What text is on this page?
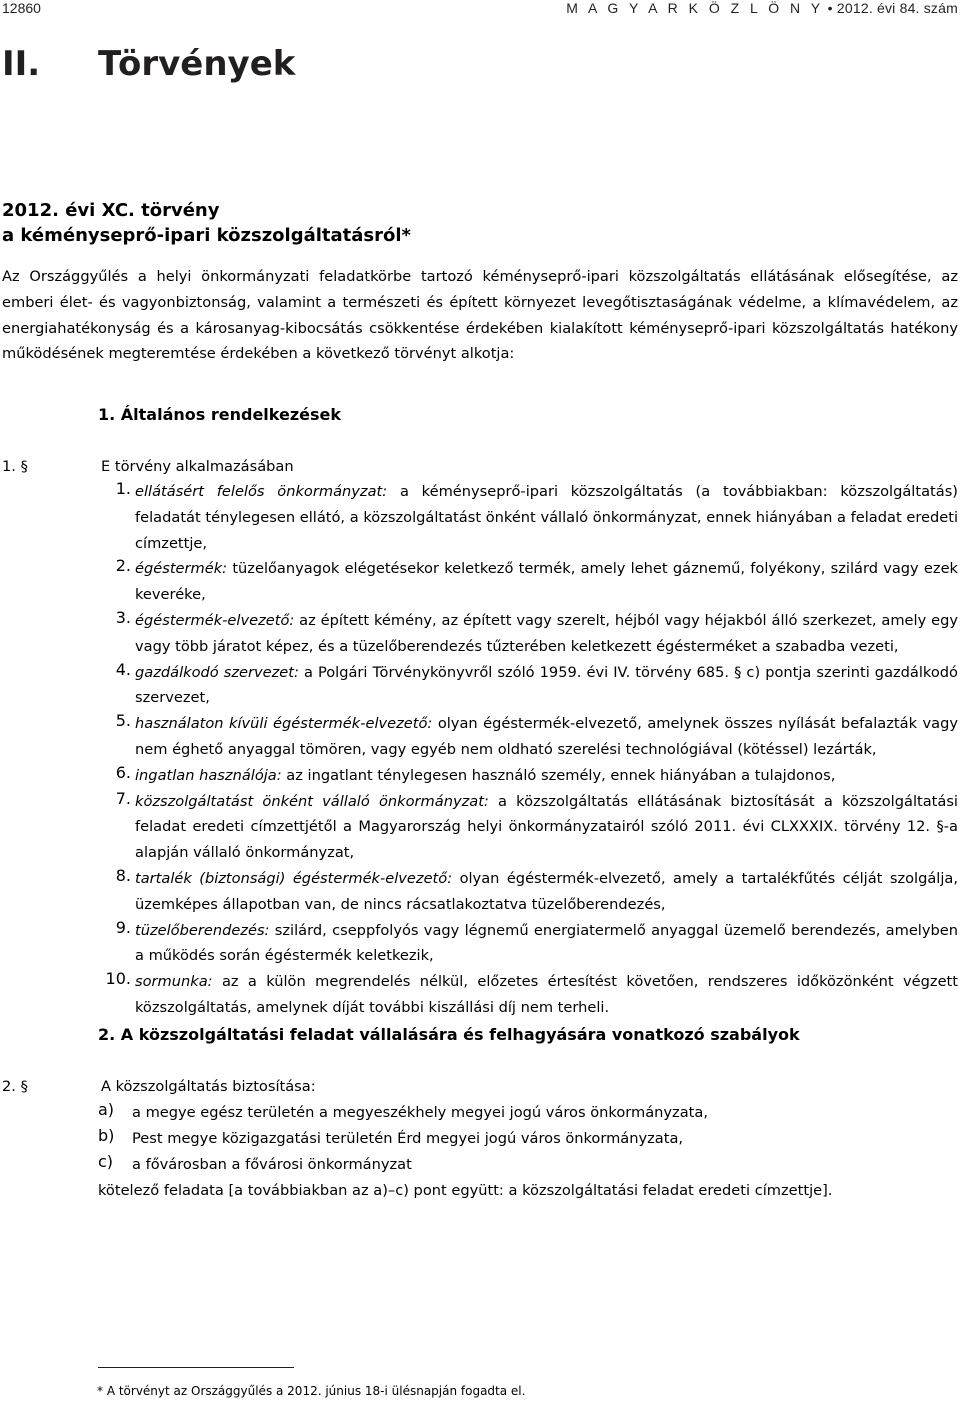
12860	M A G Y A R K Ö Z L Ö N Y • 2012. évi 84. szám
II. Törvények
2012. évi XC. törvény
a kéményseprő-ipari közszolgáltatásról*

Az Országgyűlés a helyi önkormányzati feladatkörbe tartozó kéményseprő-ipari közszolgáltatás ellátásának elősegítése, az emberi élet- és vagyonbiztonság, valamint a természeti és épített környezet levegőtisztaságának védelme, a klímavédelem, az energiahatékonyság és a károsanyag-kibocsátás csökkentése érdekében kialakított kéményseprő-ipari közszolgáltatás hatékony működésének megteremtése érdekében a következő törvényt alkotja:

1. Általános rendelkezések
1. §	E törvény alkalmazásában
1. ellátásért felelős önkormányzat: a kéményseprő-ipari közszolgáltatás (a továbbiakban: közszolgáltatás) feladatát ténylegesen ellátó, a közszolgáltatást önként vállaló önkormányzat, ennek hiányában a feladat eredeti címzettje,

2. égéstermék: tüzelőanyagok elégetésekor keletkező termék, amely lehet gáznemű, folyékony, szilárd vagy ezek keveréke,

3. égéstermék-elvezető: az épített kémény, az épített vagy szerelt, héjból vagy héjakból álló szerkezet, amely egy vagy több járatot képez, és a tüzelőberendezés tűzterében keletkezett égésterméket a szabadba vezeti,

4. gazdálkodó szervezet: a Polgári Törvénykönyvről szóló 1959. évi IV. törvény 685. § c) pontja szerinti gazdálkodó szervezet,

5. használaton kívüli égéstermék-elvezető: olyan égéstermék-elvezető, amelynek összes nyílását befalazták vagy nem éghető anyaggal tömören, vagy egyéb nem oldható szerelési technológiával (kötéssel) lezárták,

6. ingatlan használója: az ingatlant ténylegesen használó személy, ennek hiányában a tulajdonos,

7. közszolgáltatást önként vállaló önkormányzat: a közszolgáltatás ellátásának biztosítását a közszolgáltatási feladat eredeti címzettjétől a Magyarország helyi önkormányzatairól szóló 2011. évi CLXXXIX. törvény 12. §-a alapján vállaló önkormányzat,

8. tartalék (biztonsági) égéstermék-elvezető: olyan égéstermék-elvezető, amely a tartalékfűtés célját szolgálja, üzemképes állapotban van, de nincs rácsatlakoztatva tüzelőberendezés,

9. tüzelőberendezés: szilárd, cseppfolyós vagy légnemű energiatermelő anyaggal üzemelő berendezés, amelyben a működés során égéstermék keletkezik,

10. sormunka: az a külön megrendelés nélkül, előzetes értesítést követően, rendszeres időközönként végzett közszolgáltatás, amelynek díját további kiszállási díj nem terheli.

2. A közszolgáltatási feladat vállalására és felhagyására vonatkozó szabályok
2. §	A közszolgáltatás biztosítása:
a)	a megye egész területén a megyeszékhely megyei jogú város önkormányzata,

b)	Pest megye közigazgatási területén Érd megyei jogú város önkormányzata,

c)	a fővárosban a fővárosi önkormányzat

kötelező feladata [a továbbiakban az a)–c) pont együtt: a közszolgáltatási feladat eredeti címzettje].

* A törvényt az Országgyűlés a 2012. június 18-i ülésnapján fogadta el.
